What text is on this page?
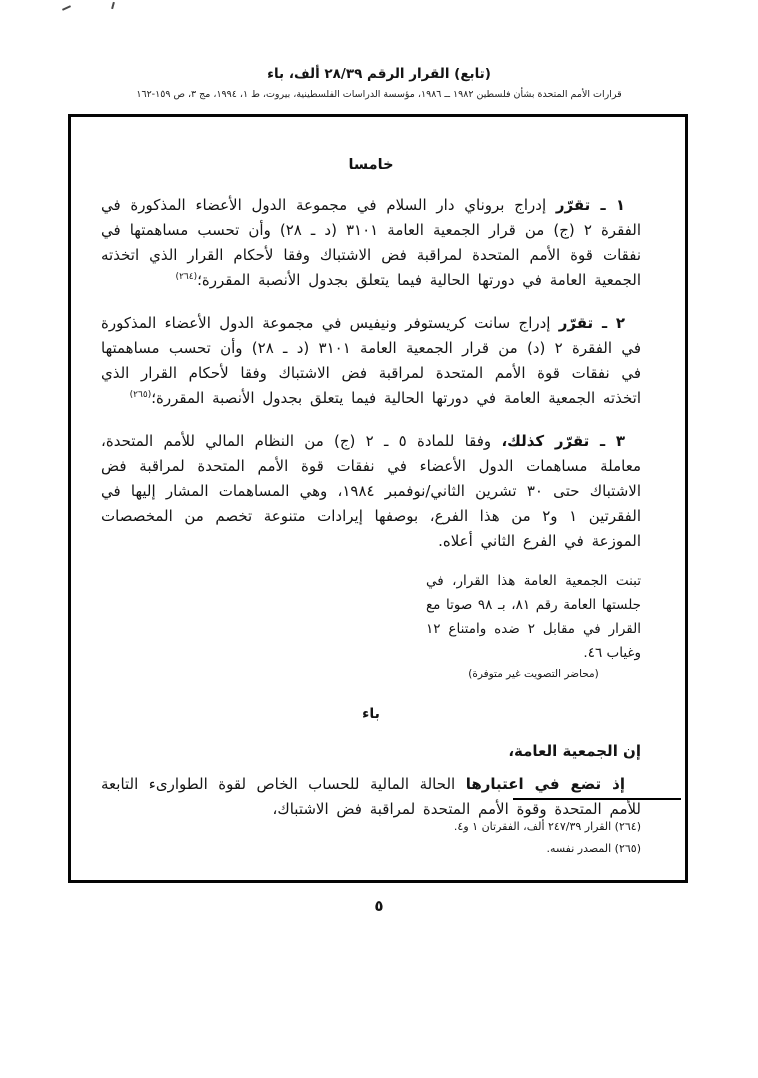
(تابع) القرار الرقم ٢٨/٣٩ ألف، باء
قرارات الأمم المتحدة بشأن فلسطين ١٩٨٢ ــ ١٩٨٦، مؤسسة الدراسات الفلسطينية، بيروت، ط ١، ١٩٩٤، مج ٣، ص ١٥٩-١٦٢
خامسا

١ ـ تقرّر إدراج بروناي دار السلام في مجموعة الدول الأعضاء المذكورة في الفقرة ٢ (ج) من قرار الجمعية العامة ٣١٠١ (د ـ ٢٨) وأن تحسب مساهمتها في نفقات قوة الأمم المتحدة لمراقبة فض الاشتباك وفقا لأحكام القرار الذي اتخذته الجمعية العامة في دورتها الحالية فيما يتعلق بجدول الأنصبة المقررة؛$^{(٢٦٤)}$

٢ ـ تقرّر إدراج سانت كريستوفر ونيفيس في مجموعة الدول الأعضاء المذكورة في الفقرة ٢ (د) من قرار الجمعية العامة ٣١٠١ (د ـ ٢٨) وأن تحسب مساهمتها في نفقات قوة الأمم المتحدة لمراقبة فض الاشتباك وفقا لأحكام القرار الذي اتخذته الجمعية العامة في دورتها الحالية فيما يتعلق بجدول الأنصبة المقررة؛$^{(٢٦٥)}$

٣ ـ تقرّر كذلك، وفقا للمادة ٥ ـ ٢ (ج) من النظام المالي للأمم المتحدة، معاملة مساهمات الدول الأعضاء في نفقات قوة الأمم المتحدة لمراقبة فض الاشتباك حتى ٣٠ تشرين الثاني/نوفمبر ١٩٨٤، وهي المساهمات المشار إليها في الفقرتين ١ و٢ من هذا الفرع، بوصفها إيرادات متنوعة تخصم من المخصصات الموزعة في الفرع الثاني أعلاه.

تبنت الجمعية العامة هذا القرار، في جلستها العامة رقم ٨١، بـ ٩٨ صوتا مع القرار في مقابل ٢ ضده وامتناع ١٢ وغياب ٤٦.
(محاضر التصويت غير متوفرة)
باء

إن الجمعية العامة،

إذ تضع في اعتبارها الحالة المالية للحساب الخاص لقوة الطوارىء التابعة للأمم المتحدة وقوة الأمم المتحدة لمراقبة فض الاشتباك،

(٢٦٤) القرار ٢٤٧/٣٩ ألف، الفقرتان ١ و٤.
(٢٦٥) المصدر نفسه.
٥
